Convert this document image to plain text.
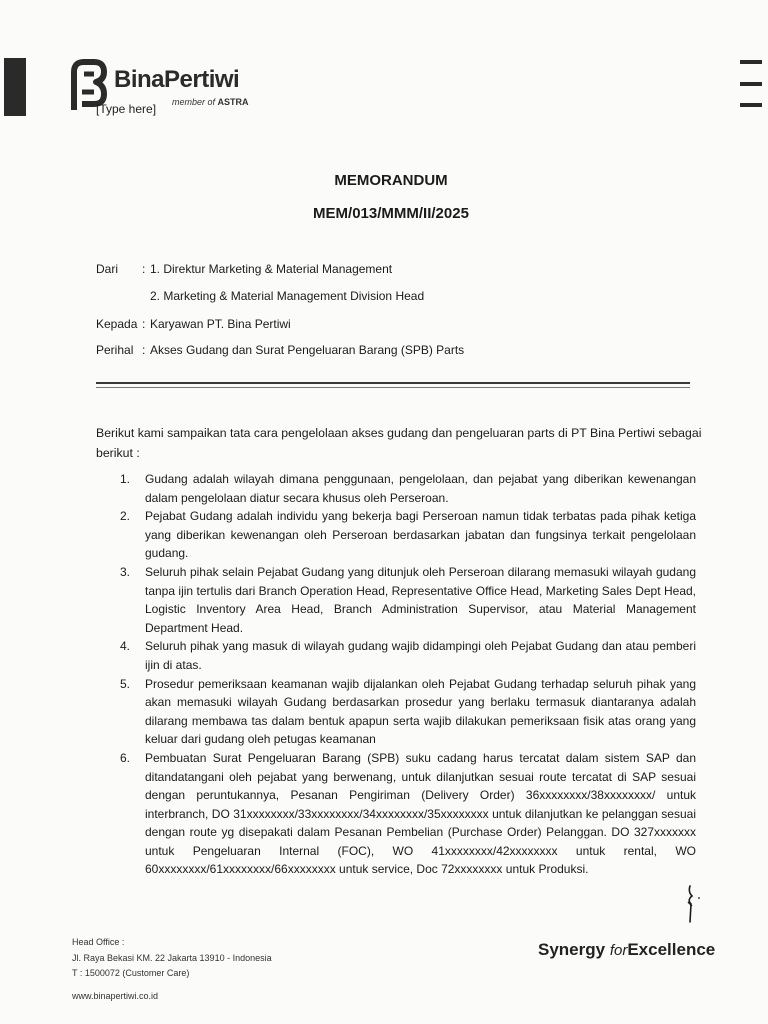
BinaPertiwi
member of ASTRA
[Type here]
MEMORANDUM
MEM/013/MMM/II/2025
Dari : 1. Direktur Marketing & Material Management
2. Marketing & Material Management Division Head
Kepada : Karyawan PT. Bina Pertiwi
Perihal : Akses Gudang dan Surat Pengeluaran Barang (SPB) Parts
Berikut kami sampaikan tata cara pengelolaan akses gudang dan pengeluaran parts di PT Bina Pertiwi sebagai berikut :
1. Gudang adalah wilayah dimana penggunaan, pengelolaan, dan pejabat yang diberikan kewenangan dalam pengelolaan diatur secara khusus oleh Perseroan.
2. Pejabat Gudang adalah individu yang bekerja bagi Perseroan namun tidak terbatas pada pihak ketiga yang diberikan kewenangan oleh Perseroan berdasarkan jabatan dan fungsinya terkait pengelolaan gudang.
3. Seluruh pihak selain Pejabat Gudang yang ditunjuk oleh Perseroan dilarang memasuki wilayah gudang tanpa ijin tertulis dari Branch Operation Head, Representative Office Head, Marketing Sales Dept Head, Logistic Inventory Area Head, Branch Administration Supervisor, atau Material Management Department Head.
4. Seluruh pihak yang masuk di wilayah gudang wajib didampingi oleh Pejabat Gudang dan atau pemberi ijin di atas.
5. Prosedur pemeriksaan keamanan wajib dijalankan oleh Pejabat Gudang terhadap seluruh pihak yang akan memasuki wilayah Gudang berdasarkan prosedur yang berlaku termasuk diantaranya adalah dilarang membawa tas dalam bentuk apapun serta wajib dilakukan pemeriksaan fisik atas orang yang keluar dari gudang oleh petugas keamanan
6. Pembuatan Surat Pengeluaran Barang (SPB) suku cadang harus tercatat dalam sistem SAP dan ditandatangani oleh pejabat yang berwenang, untuk dilanjutkan sesuai route tercatat di SAP sesuai dengan peruntukannya, Pesanan Pengiriman (Delivery Order) 36xxxxxxxx/38xxxxxxxx/ untuk interbranch, DO 31xxxxxxxx/33xxxxxxxx/34xxxxxxxx/35xxxxxxxx untuk dilanjutkan ke pelanggan sesuai dengan route yg disepakati dalam Pesanan Pembelian (Purchase Order) Pelanggan. DO 327xxxxxxx untuk Pengeluaran Internal (FOC), WO 41xxxxxxxx/42xxxxxxxx untuk rental, WO 60xxxxxxxx/61xxxxxxxx/66xxxxxxxx untuk service, Doc 72xxxxxxxx untuk Produksi.
Head Office :
Jl. Raya Bekasi KM. 22 Jakarta 13910 - Indonesia
T : 1500072 (Customer Care)
www.binapertiwi.co.id
Synergy forExcellence
